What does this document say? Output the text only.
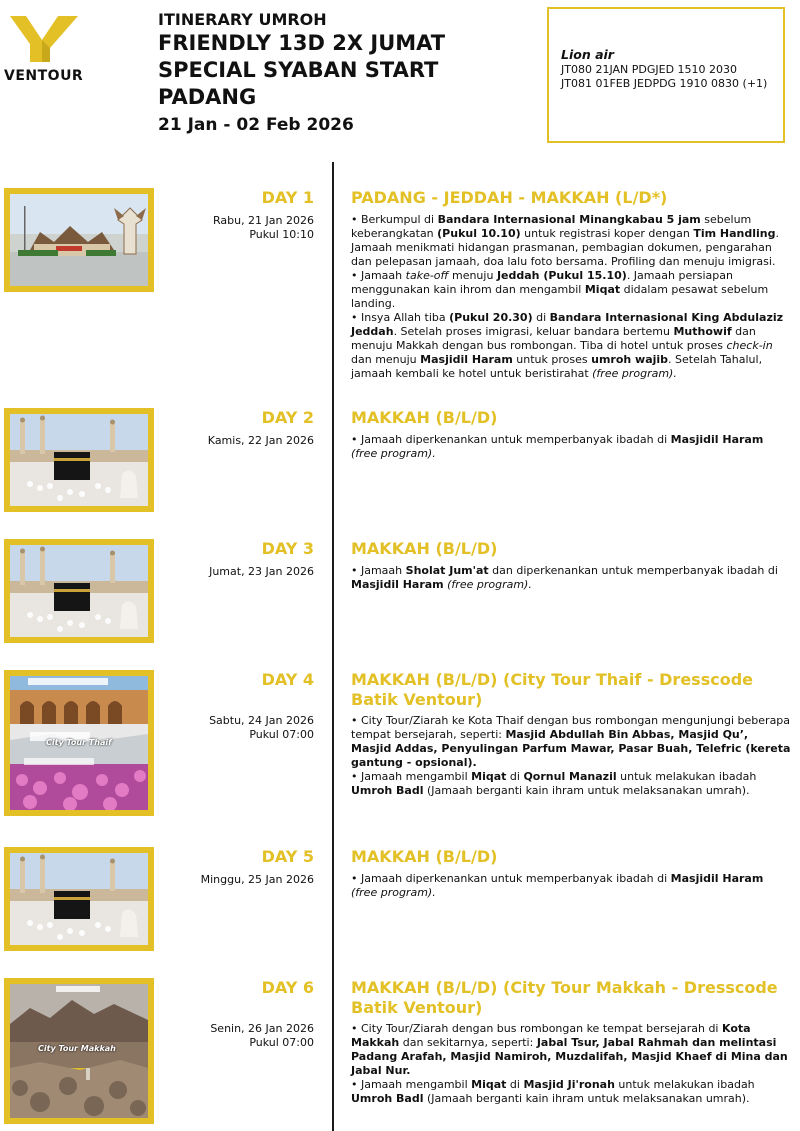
VENTOUR
ITINERARY UMROH
FRIENDLY 13D 2X JUMAT
SPECIAL SYABAN START
PADANG
21 Jan - 02 Feb 2026
Lion air
JT080 21JAN PDGJED 1510 2030
JT081 01FEB JEDPDG 1910 0830 (+1)
DAY 1
Rabu, 21 Jan 2026
Pukul 10:10
PADANG - JEDDAH - MAKKAH (L/D*)

• Berkumpul di Bandara Internasional Minangkabau 5 jam sebelum keberangkatan (Pukul 10.10) untuk registrasi koper dengan Tim Handling. Jamaah menikmati hidangan prasmanan, pembagian dokumen, pengarahan dan pelepasan jamaah, doa lalu foto bersama. Profiling dan menuju imigrasi.

• Jamaah take-off menuju Jeddah (Pukul 15.10). Jamaah persiapan menggunakan kain ihrom dan mengambil Miqat didalam pesawat sebelum landing.

• Insya Allah tiba (Pukul 20.30) di Bandara Internasional King Abdulaziz Jeddah. Setelah proses imigrasi, keluar bandara bertemu Muthowif dan menuju Makkah dengan bus rombongan. Tiba di hotel untuk proses check-in dan menuju Masjidil Haram untuk proses umroh wajib. Setelah Tahalul, jamaah kembali ke hotel untuk beristirahat (free program).

DAY 2
Kamis, 22 Jan 2026
MAKKAH (B/L/D)

• Jamaah diperkenankan untuk memperbanyak ibadah di Masjidil Haram (free program).

DAY 3
Jumat, 23 Jan 2026
MAKKAH (B/L/D)

• Jamaah Sholat Jum'at dan diperkenankan untuk memperbanyak ibadah di Masjidil Haram (free program).

City Tour Thaif
DAY 4
Sabtu, 24 Jan 2026
Pukul 07:00
MAKKAH (B/L/D) (City Tour Thaif - Dresscode Batik Ventour)

• City Tour/Ziarah ke Kota Thaif dengan bus rombongan mengunjungi beberapa tempat bersejarah, seperti: Masjid Abdullah Bin Abbas, Masjid Qu’, Masjid Addas, Penyulingan Parfum Mawar, Pasar Buah, Telefric (kereta gantung - opsional).

• Jamaah mengambil Miqat di Qornul Manazil untuk melakukan ibadah Umroh Badl (Jamaah berganti kain ihram untuk melaksanakan umrah).

DAY 5
Minggu, 25 Jan 2026
MAKKAH (B/L/D)

• Jamaah diperkenankan untuk memperbanyak ibadah di Masjidil Haram (free program).

City Tour Makkah
DAY 6
Senin, 26 Jan 2026
Pukul 07:00
MAKKAH (B/L/D) (City Tour Makkah - Dresscode Batik Ventour)

• City Tour/Ziarah dengan bus rombongan ke tempat bersejarah di Kota Makkah dan sekitarnya, seperti: Jabal Tsur, Jabal Rahmah dan melintasi Padang Arafah, Masjid Namiroh, Muzdalifah, Masjid Khaef di Mina dan Jabal Nur.

• Jamaah mengambil Miqat di Masjid Ji'ronah untuk melakukan ibadah Umroh Badl (Jamaah berganti kain ihram untuk melaksanakan umrah).
